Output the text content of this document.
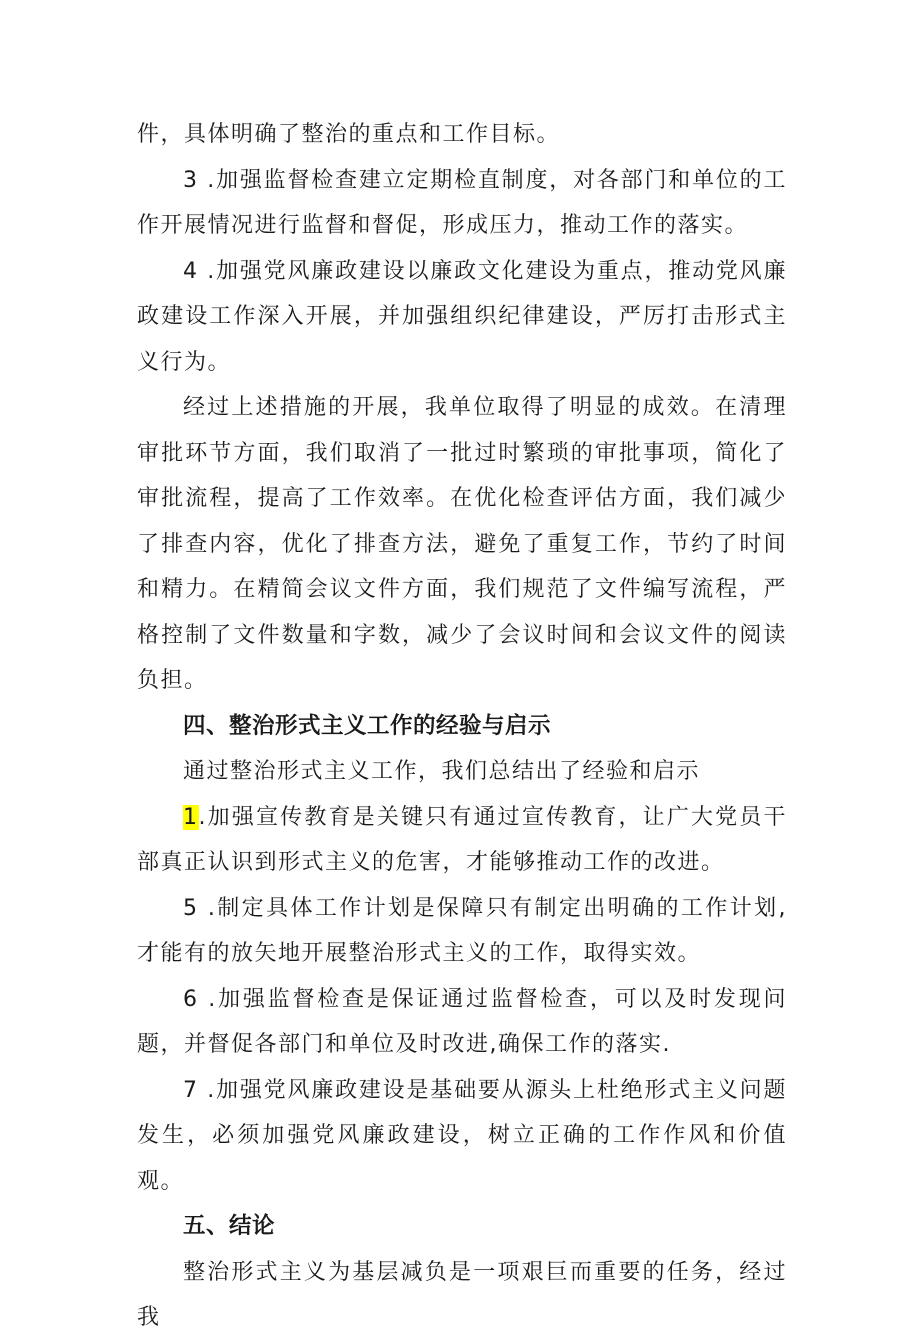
件，具体明确了整治的重点和工作目标。

3 .加强监督检查建立定期检直制度，对各部门和单位的工作开展情况进行监督和督促，形成压力，推动工作的落实。

4 .加强党风廉政建设以廉政文化建设为重点，推动党风廉政建设工作深入开展，并加强组织纪律建设，严厉打击形式主义行为。

经过上述措施的开展，我单位取得了明显的成效。在清理审批环节方面，我们取消了一批过时繁琐的审批事项，简化了审批流程，提高了工作效率。在优化检查评估方面，我们减少了排查内容，优化了排查方法，避免了重复工作，节约了时间和精力。在精简会议文件方面，我们规范了文件编写流程，严格控制了文件数量和字数，减少了会议时间和会议文件的阅读负担。

四、整治形式主义工作的经验与启示

通过整治形式主义工作，我们总结出了经验和启示

1.加强宣传教育是关键只有通过宣传教育，让广大党员干部真正认识到形式主义的危害，才能够推动工作的改进。

5 .制定具体工作计划是保障只有制定出明确的工作计划,才能有的放矢地开展整治形式主义的工作，取得实效。

6 .加强监督检查是保证通过监督检查，可以及时发现问题，并督促各部门和单位及时改进,确保工作的落实.

7 .加强党风廉政建设是基础要从源头上杜绝形式主义问题发生，必须加强党风廉政建设，树立正确的工作作风和价值观。

五、结论

整治形式主义为基层减负是一项艰巨而重要的任务，经过我
